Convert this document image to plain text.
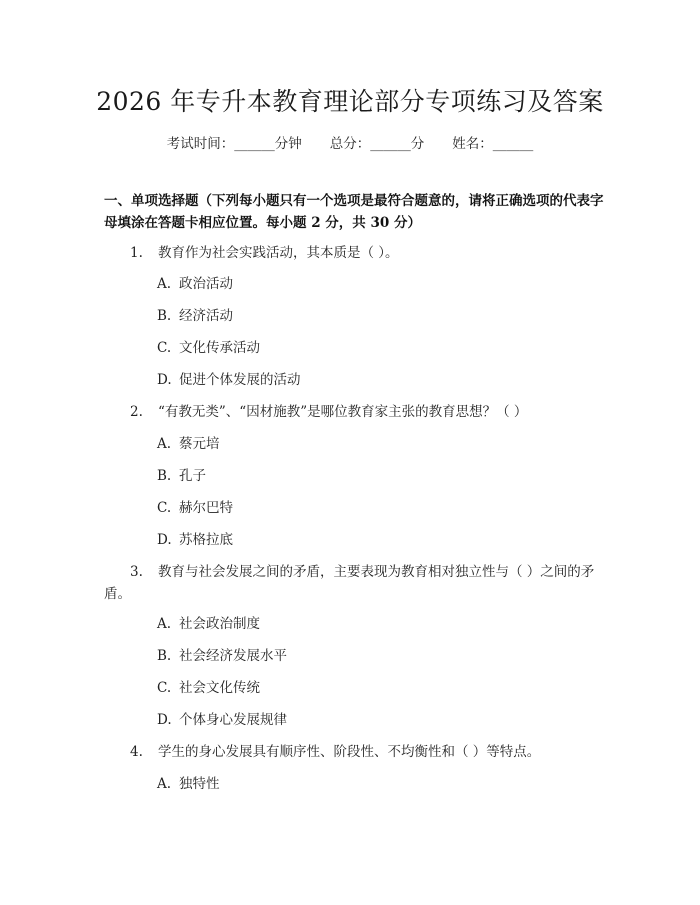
2026 年专升本教育理论部分专项练习及答案
考试时间：______分钟 总分：______分 姓名：______
一、单项选择题（下列每小题只有一个选项是最符合题意的，请将正确选项的代表字母填涂在答题卡相应位置。每小题 2 分，共 30 分）
1. 教育作为社会实践活动，其本质是（ ）。
A. 政治活动
B. 经济活动
C. 文化传承活动
D. 促进个体发展的活动
2. “有教无类”、“因材施教”是哪位教育家主张的教育思想？（ ）
A. 蔡元培
B. 孔子
C. 赫尔巴特
D. 苏格拉底
3. 教育与社会发展之间的矛盾，主要表现为教育相对独立性与（ ）之间的矛盾。
A. 社会政治制度
B. 社会经济发展水平
C. 社会文化传统
D. 个体身心发展规律
4. 学生的身心发展具有顺序性、阶段性、不均衡性和（ ）等特点。
A. 独特性
